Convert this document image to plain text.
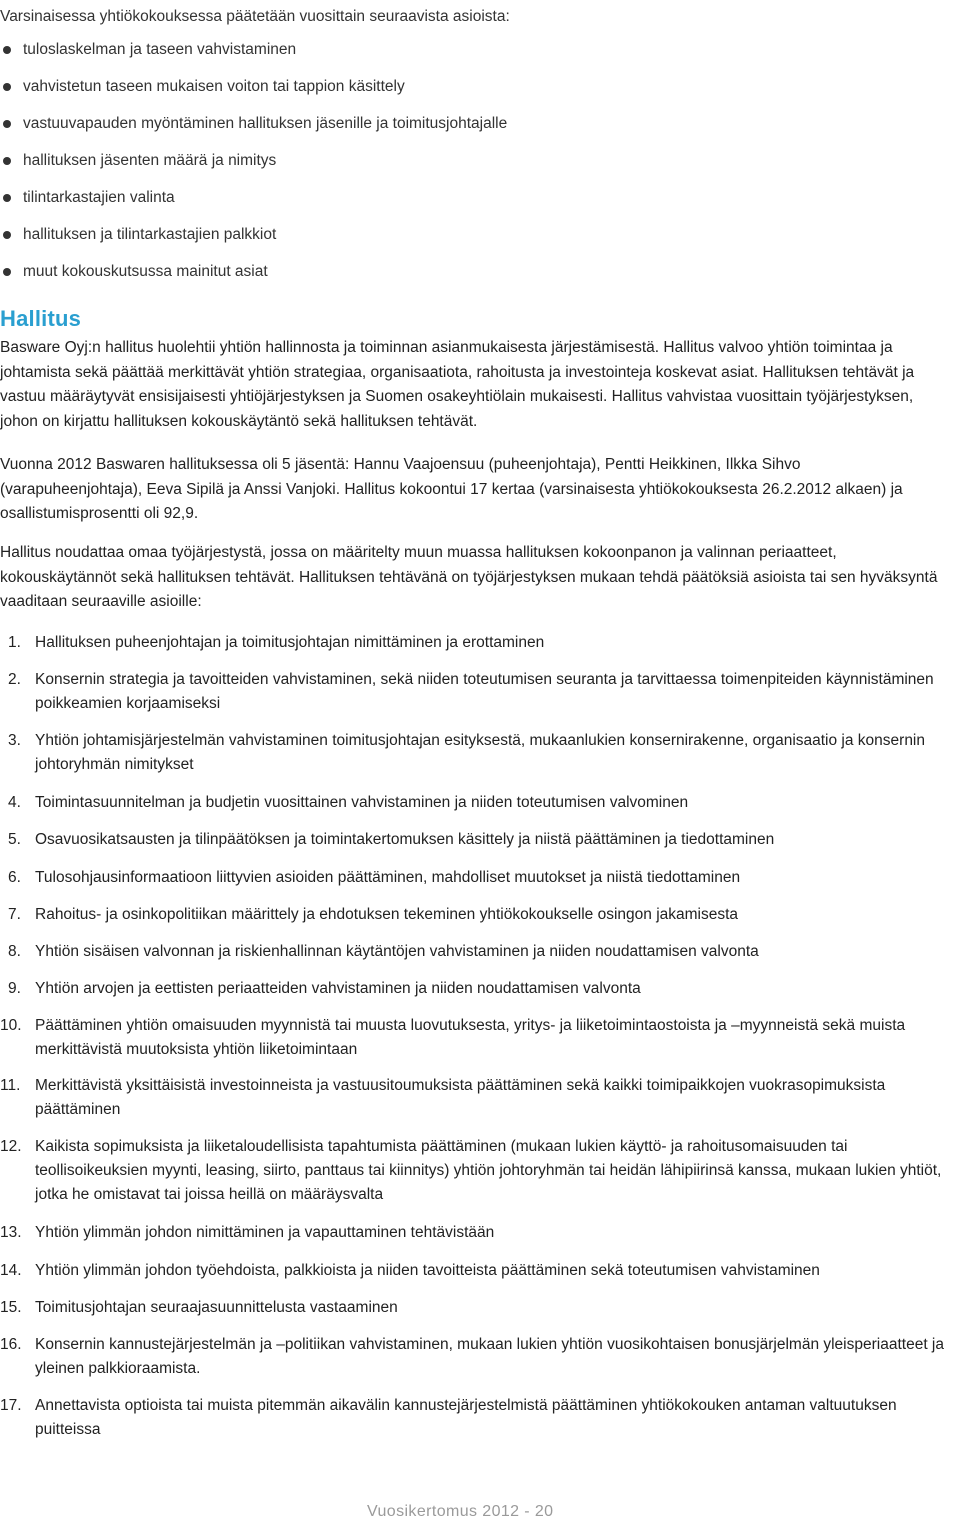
Varsinaisessa yhtiökokouksessa päätetään vuosittain seuraavista asioista:
tuloslaskelman ja taseen vahvistaminen
vahvistetun taseen mukaisen voiton tai tappion käsittely
vastuuvapauden myöntäminen hallituksen jäsenille ja toimitusjohtajalle
hallituksen jäsenten määrä ja nimitys
tilintarkastajien valinta
hallituksen ja tilintarkastajien palkkiot
muut kokouskutsussa mainitut asiat
Hallitus

Basware Oyj:n hallitus huolehtii yhtiön hallinnosta ja toiminnan asianmukaisesta järjestämisestä. Hallitus valvoo yhtiön toimintaa ja johtamista sekä päättää merkittävät yhtiön strategiaa, organisaatiota, rahoitusta ja investointeja koskevat asiat. Hallituksen tehtävät ja vastuu määräytyvät ensisijaisesti yhtiöjärjestyksen ja Suomen osakeyhtiölain mukaisesti. Hallitus vahvistaa vuosittain työjärjestyksen, johon on kirjattu hallituksen kokouskäytäntö sekä hallituksen tehtävät.

Vuonna 2012 Baswaren hallituksessa oli 5 jäsentä: Hannu Vaajoensuu (puheenjohtaja), Pentti Heikkinen, Ilkka Sihvo (varapuheenjohtaja), Eeva Sipilä ja Anssi Vanjoki. Hallitus kokoontui 17 kertaa (varsinaisesta yhtiökokouksesta 26.2.2012 alkaen) ja osallistumisprosentti oli 92,9.

Hallitus noudattaa omaa työjärjestystä, jossa on määritelty muun muassa hallituksen kokoonpanon ja valinnan periaatteet, kokouskäytännöt sekä hallituksen tehtävät. Hallituksen tehtävänä on työjärjestyksen mukaan tehdä päätöksiä asioista tai sen hyväksyntä vaaditaan seuraaville asioille:

1. Hallituksen puheenjohtajan ja toimitusjohtajan nimittäminen ja erottaminen
2. Konsernin strategia ja tavoitteiden vahvistaminen, sekä niiden toteutumisen seuranta ja tarvittaessa toimenpiteiden käynnistäminen poikkeamien korjaamiseksi
3. Yhtiön johtamisjärjestelmän vahvistaminen toimitusjohtajan esityksestä, mukaanlukien konsernirakenne, organisaatio ja konsernin johtoryhmän nimitykset
4. Toimintasuunnitelman ja budjetin vuosittainen vahvistaminen ja niiden toteutumisen valvominen
5. Osavuosikatsausten ja tilinpäätöksen ja toimintakertomuksen käsittely ja niistä päättäminen ja tiedottaminen
6. Tulosohjausinformaatioon liittyvien asioiden päättäminen, mahdolliset muutokset ja niistä tiedottaminen
7. Rahoitus- ja osinkopolitiikan määrittely ja ehdotuksen tekeminen yhtiökokoukselle osingon jakamisesta
8. Yhtiön sisäisen valvonnan ja riskienhallinnan käytäntöjen vahvistaminen ja niiden noudattamisen valvonta
9. Yhtiön arvojen ja eettisten periaatteiden vahvistaminen ja niiden noudattamisen valvonta
10. Päättäminen yhtiön omaisuuden myynnistä tai muusta luovutuksesta, yritys- ja liiketoimintaostoista ja –myynneistä sekä muista merkittävistä muutoksista yhtiön liiketoimintaan
11. Merkittävistä yksittäisistä investoinneista ja vastuusitoumuksista päättäminen sekä kaikki toimipaikkojen vuokrasopimuksista päättäminen
12. Kaikista sopimuksista ja liiketaloudellisista tapahtumista päättäminen (mukaan lukien käyttö- ja rahoitusomaisuuden tai teollisoikeuksien myynti, leasing, siirto, panttaus tai kiinnitys) yhtiön johtoryhmän tai heidän lähipiirinsä kanssa, mukaan lukien yhtiöt, jotka he omistavat tai joissa heillä on määräysvalta
13. Yhtiön ylimmän johdon nimittäminen ja vapauttaminen tehtävistään
14. Yhtiön ylimmän johdon työehdoista, palkkioista ja niiden tavoitteista päättäminen sekä toteutumisen vahvistaminen
15. Toimitusjohtajan seuraajasuunnittelusta vastaaminen
16. Konsernin kannustejärjestelmän ja –politiikan vahvistaminen, mukaan lukien yhtiön vuosikohtaisen bonusjärjelmän yleisperiaatteet ja yleinen palkkioraamista.
17. Annettavista optioista tai muista pitemmän aikavälin kannustejärjestelmistä päättäminen yhtiökokouken antaman valtuutuksen puitteissa
Vuosikertomus 2012 - 20
